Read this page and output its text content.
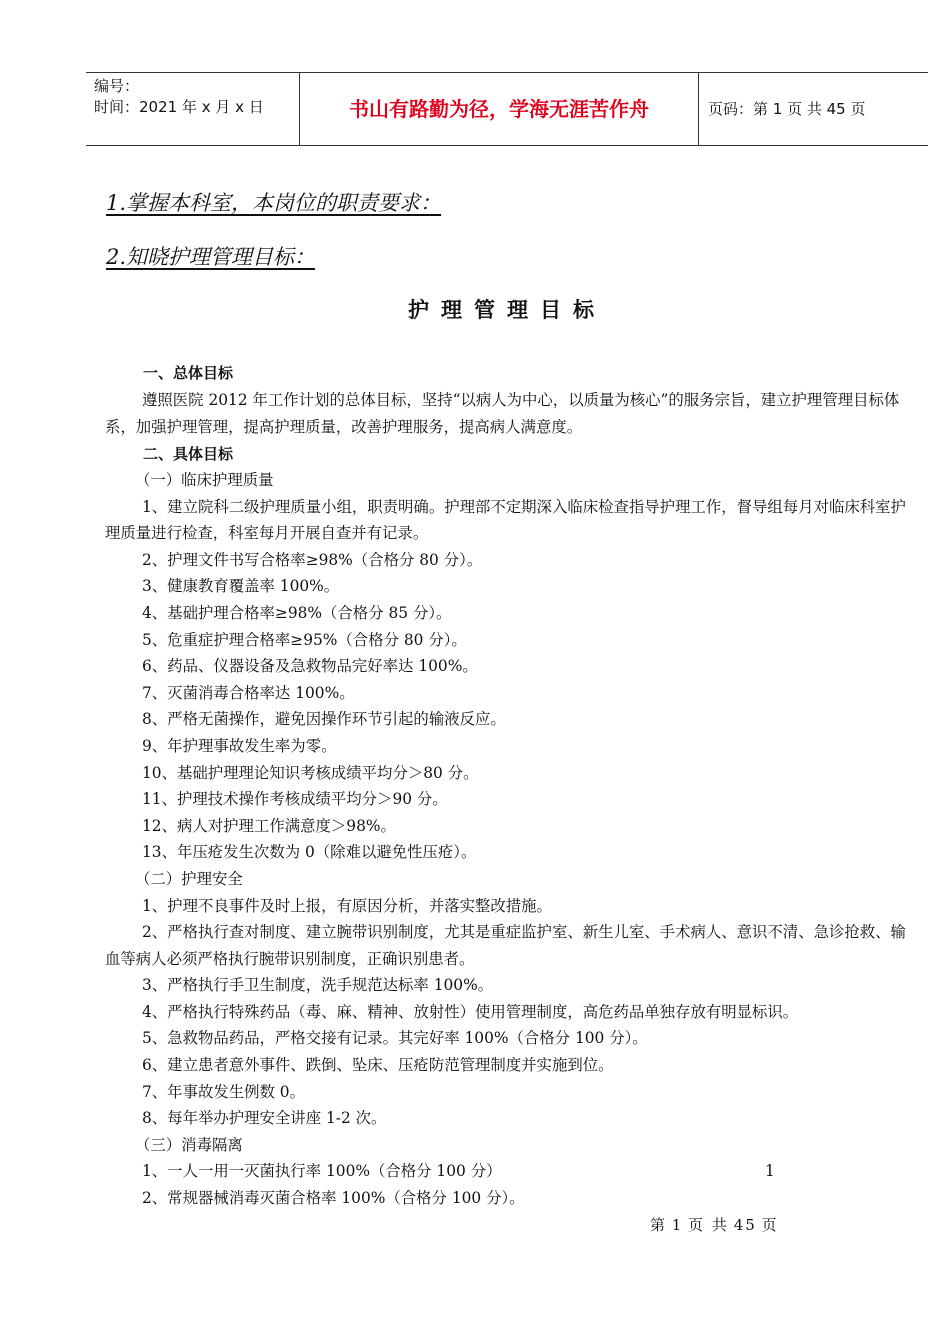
编号：
时间：2021 年 x 月 x 日	书山有路勤为径，学海无涯苦作舟	页码：第 1 页 共 45 页
1.掌握本科室，本岗位的职责要求：
2.知晓护理管理目标：
护理管理目标

一、总体目标

遵照医院 2012 年工作计划的总体目标，坚持“以病人为中心，以质量为核心”的服务宗旨，建立护理管理目标体系，加强护理管理，提高护理质量，改善护理服务，提高病人满意度。

二、具体目标

（一）临床护理质量

1、建立院科二级护理质量小组，职责明确。护理部不定期深入临床检查指导护理工作，督导组每月对临床科室护理质量进行检查，科室每月开展自查并有记录。

2、护理文件书写合格率≥98%（合格分 80 分）。

3、健康教育覆盖率 100%。

4、基础护理合格率≥98%（合格分 85 分）。

5、危重症护理合格率≥95%（合格分 80 分）。

6、药品、仪器设备及急救物品完好率达 100%。

7、灭菌消毒合格率达 100%。

8、严格无菌操作，避免因操作环节引起的输液反应。

9、年护理事故发生率为零。

10、基础护理理论知识考核成绩平均分＞80 分。

11、护理技术操作考核成绩平均分＞90 分。

12、病人对护理工作满意度＞98%。

13、年压疮发生次数为 0（除难以避免性压疮）。

（二）护理安全

1、护理不良事件及时上报，有原因分析，并落实整改措施。

2、严格执行查对制度、建立腕带识别制度，尤其是重症监护室、新生儿室、手术病人、意识不清、急诊抢救、输血等病人必须严格执行腕带识别制度，正确识别患者。

3、严格执行手卫生制度，洗手规范达标率 100%。

4、严格执行特殊药品（毒、麻、精神、放射性）使用管理制度，高危药品单独存放有明显标识。

5、急救物品药品，严格交接有记录。其完好率 100%（合格分 100 分）。

6、建立患者意外事件、跌倒、坠床、压疮防范管理制度并实施到位。

7、年事故发生例数 0。

8、每年举办护理安全讲座 1-2 次。

（三）消毒隔离

1、一人一用一灭菌执行率 100%（合格分 100 分）	1

2、常规器械消毒灭菌合格率 100%（合格分 100 分）。

第 1 页 共 45 页
